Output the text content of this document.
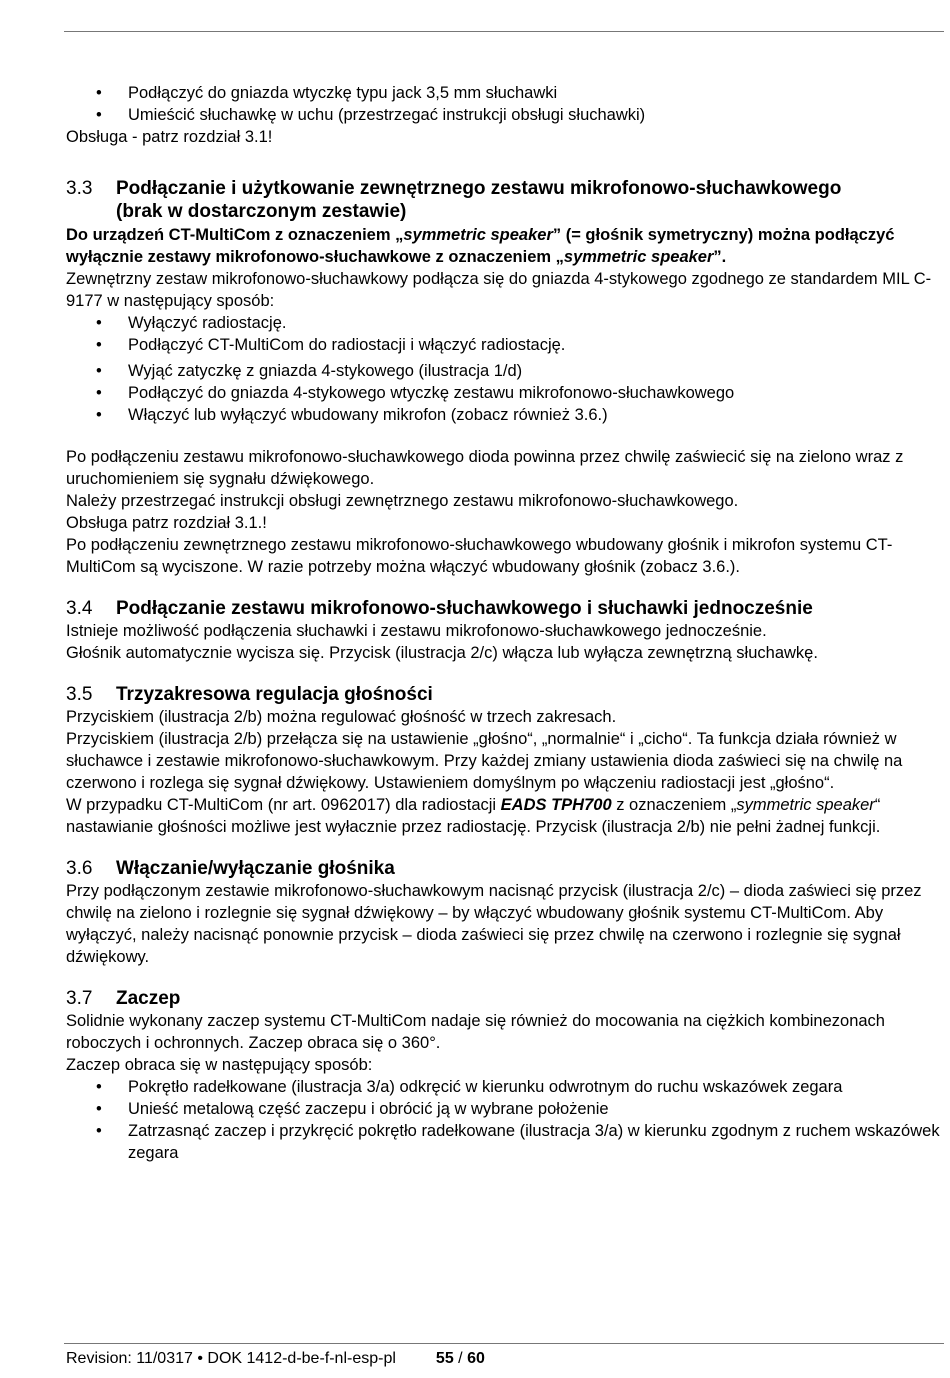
• Podłączyć do gniazda wtyczkę typu jack 3,5 mm słuchawki
• Umieścić słuchawkę w uchu (przestrzegać instrukcji obsługi słuchawki)

Obsługa - patrz rozdział 3.1!

3.3 Podłączanie i użytkowanie zewnętrznego zestawu mikrofonowo-słuchawkowego
(brak w dostarczonym zestawie)

Do urządzeń CT-MultiCom z oznaczeniem „symmetric speaker” (= głośnik symetryczny) można podłączyć wyłącznie zestawy mikrofonowo-słuchawkowe z oznaczeniem „symmetric speaker”.

Zewnętrzny zestaw mikrofonowo-słuchawkowy podłącza się do gniazda 4-stykowego zgodnego ze standardem MIL C-9177 w następujący sposób:

• Wyłączyć radiostację.
• Podłączyć CT-MultiCom do radiostacji i włączyć radiostację.
• Wyjąć zatyczkę z gniazda 4-stykowego (ilustracja 1/d)
• Podłączyć do gniazda 4-stykowego wtyczkę zestawu mikrofonowo-słuchawkowego
• Włączyć lub wyłączyć wbudowany mikrofon (zobacz również 3.6.)

Po podłączeniu zestawu mikrofonowo-słuchawkowego dioda powinna przez chwilę zaświecić się na zielono wraz z uruchomieniem się sygnału dźwiękowego.

Należy przestrzegać instrukcji obsługi zewnętrznego zestawu mikrofonowo-słuchawkowego.

Obsługa patrz rozdział 3.1.!

Po podłączeniu zewnętrznego zestawu mikrofonowo-słuchawkowego wbudowany głośnik i mikrofon systemu CT-MultiCom są wyciszone. W razie potrzeby można włączyć wbudowany głośnik (zobacz 3.6.).

3.4 Podłączanie zestawu mikrofonowo-słuchawkowego i słuchawki jednocześnie

Istnieje możliwość podłączenia słuchawki i zestawu mikrofonowo-słuchawkowego jednocześnie.

Głośnik automatycznie wycisza się. Przycisk (ilustracja 2/c) włącza lub wyłącza zewnętrzną słuchawkę.

3.5 Trzyzakresowa regulacja głośności

Przyciskiem (ilustracja 2/b) można regulować głośność w trzech zakresach.

Przyciskiem (ilustracja 2/b) przełącza się na ustawienie „głośno“, „normalnie“ i „cicho“. Ta funkcja działa również w słuchawce i zestawie mikrofonowo-słuchawkowym. Przy każdej zmiany ustawienia dioda zaświeci się na chwilę na czerwono i rozlega się sygnał dźwiękowy. Ustawieniem domyślnym po włączeniu radiostacji jest „głośno“.

W przypadku CT-MultiCom (nr art. 0962017) dla radiostacji EADS TPH700 z oznaczeniem „symmetric speaker“ nastawianie głośności możliwe jest wyłacznie przez radiostację. Przycisk (ilustracja 2/b) nie pełni żadnej funkcji.

3.6 Włączanie/wyłączanie głośnika

Przy podłączonym zestawie mikrofonowo-słuchawkowym nacisnąć przycisk (ilustracja 2/c) – dioda zaświeci się przez chwilę na zielono i rozlegnie się sygnał dźwiękowy – by włączyć wbudowany głośnik systemu CT-MultiCom. Aby wyłączyć, należy nacisnąć ponownie przycisk – dioda zaświeci się przez chwilę na czerwono i rozlegnie się sygnał dźwiękowy.

3.7 Zaczep

Solidnie wykonany zaczep systemu CT-MultiCom nadaje się również do mocowania na ciężkich kombinezonach roboczych i ochronnych. Zaczep obraca się o 360°.

Zaczep obraca się w następujący sposób:

• Pokrętło radełkowane (ilustracja 3/a) odkręcić w kierunku odwrotnym do ruchu wskazówek zegara
• Unieść metalową część zaczepu i obrócić ją w wybrane położenie
• Zatrzasnąć zaczep i przykręcić pokrętło radełkowane (ilustracja 3/a) w kierunku zgodnym z ruchem wskazówek zegara
Revision: 11/0317 • DOK 1412-d-be-f-nl-esp-pl	55 / 60
